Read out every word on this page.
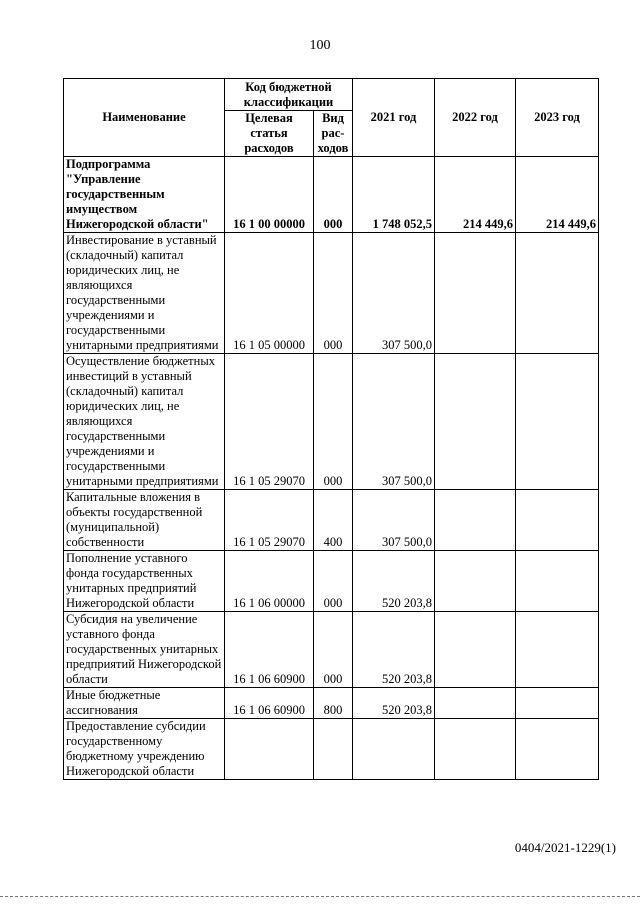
100
Наименование	Код бюджетной классификации		2021 год	2022 год	2023 год
	Целевая статья расходов	Вид рас-ходов			
Подпрограмма "Управление государственным имуществом Нижегородской области"	16 1 00 00000	000	1 748 052,5	214 449,6	214 449,6
Инвестирование в уставный (складочный) капитал юридических лиц, не являющихся государственными учреждениями и государственными унитарными предприятиями	16 1 05 00000	000	307 500,0		
Осуществление бюджетных инвестиций в уставный (складочный) капитал юридических лиц, не являющихся государственными учреждениями и государственными унитарными предприятиями	16 1 05 29070	000	307 500,0		
Капитальные вложения в объекты государственной (муниципальной) собственности	16 1 05 29070	400	307 500,0		
Пополнение уставного фонда государственных унитарных предприятий Нижегородской области	16 1 06 00000	000	520 203,8		
Субсидия на увеличение уставного фонда государственных унитарных предприятий Нижегородской области	16 1 06 60900	000	520 203,8		
Иные бюджетные ассигнования	16 1 06 60900	800	520 203,8		
Предоставление субсидии государственному бюджетному учреждению Нижегородской области					
0404/2021-1229(1)
